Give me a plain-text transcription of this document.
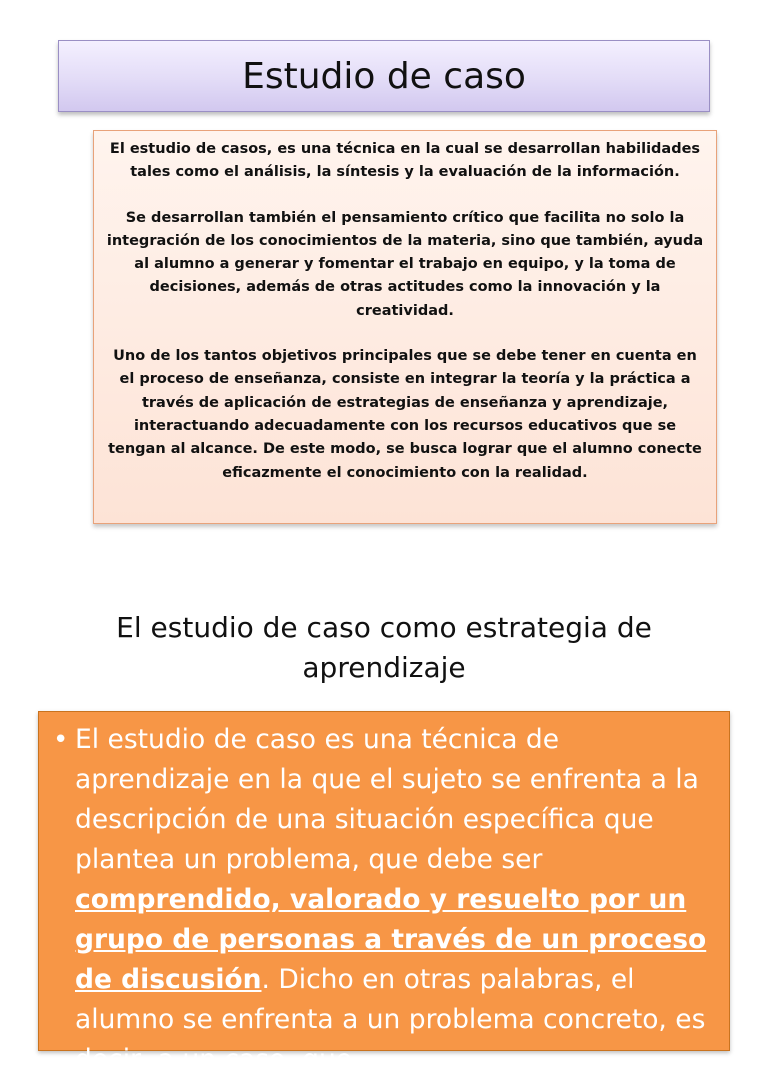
Estudio de caso

El estudio de casos, es una técnica en la cual se desarrollan habilidades tales como el análisis, la síntesis y la evaluación de la información.

Se desarrollan también el pensamiento crítico que facilita no solo la integración de los conocimientos de la materia, sino que también, ayuda al alumno a generar y fomentar el trabajo en equipo, y la toma de decisiones, además de otras actitudes como la innovación y la creatividad.

Uno de los tantos objetivos principales que se debe tener en cuenta en el proceso de enseñanza, consiste en integrar la teoría y la práctica a través de aplicación de estrategias de enseñanza y aprendizaje, interactuando adecuadamente con los recursos educativos que se tengan al alcance. De este modo, se busca lograr que el alumno conecte eficazmente el conocimiento con la realidad.

El estudio de caso como estrategia de aprendizaje
• El estudio de caso es una técnica de aprendizaje en la que el sujeto se enfrenta a la descripción de una situación específica que plantea un problema, que debe ser comprendido, valorado y resuelto por un grupo de personas a través de un proceso de discusión. Dicho en otras palabras, el alumno se enfrenta a un problema concreto, es decir, a un caso, que
